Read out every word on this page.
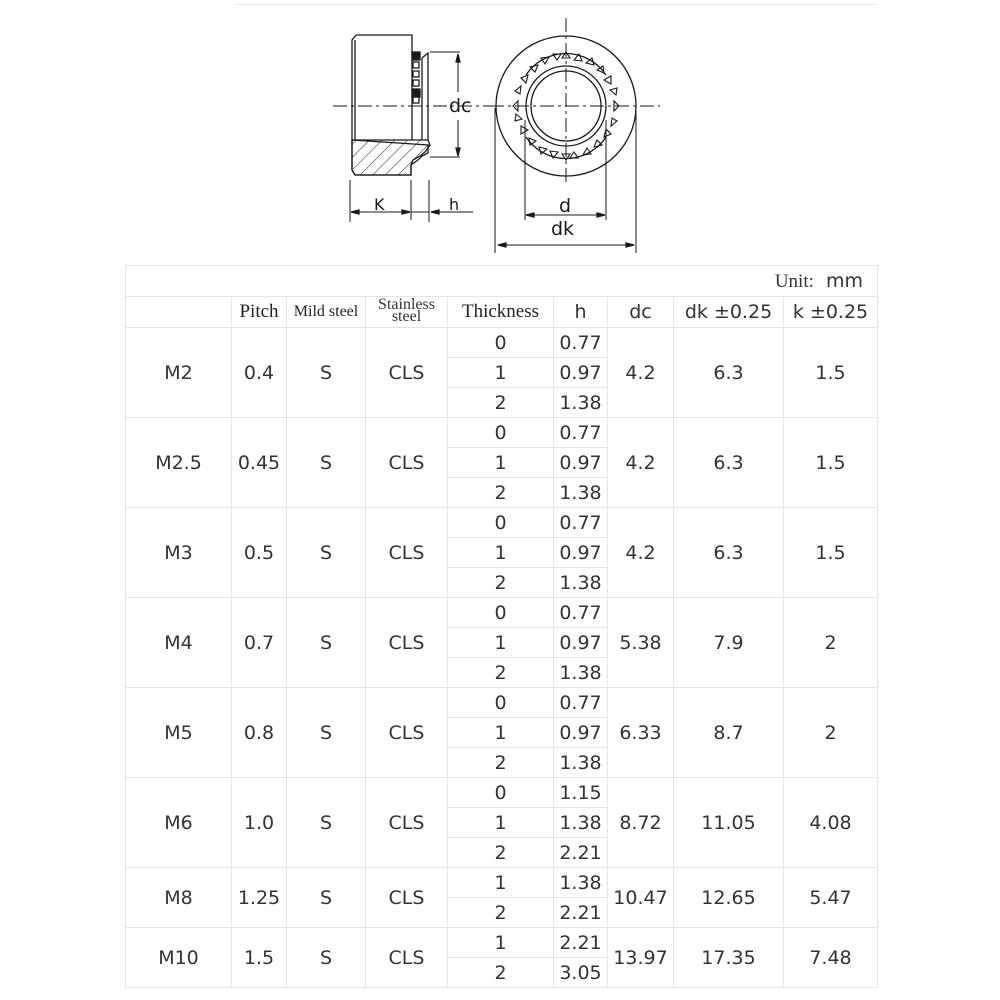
dc
K	h	d
dk
Unit: mm								
	Pitch	Mild steel	Stainless
steel	Thickness	h	dc	dk ±0.25	k ±0.25
M2	0.4	S	CLS	0	0.77	4.2	6.3	1.5
				1	0.97			
				2	1.38			
M2.5	0.45	S	CLS	0	0.77	4.2	6.3	1.5
				1	0.97			
				2	1.38			
M3	0.5	S	CLS	0	0.77	4.2	6.3	1.5
				1	0.97			
				2	1.38			
M4	0.7	S	CLS	0	0.77	5.38	7.9	2
				1	0.97			
				2	1.38			
M5	0.8	S	CLS	0	0.77	6.33	8.7	2
				1	0.97			
				2	1.38			
M6	1.0	S	CLS	0	1.15	8.72	11.05	4.08
				1	1.38			
				2	2.21			
M8	1.25	S	CLS	1	1.38	10.47	12.65	5.47
				2	2.21			
M10	1.5	S	CLS	1	2.21	13.97	17.35	7.48
				2	3.05			
